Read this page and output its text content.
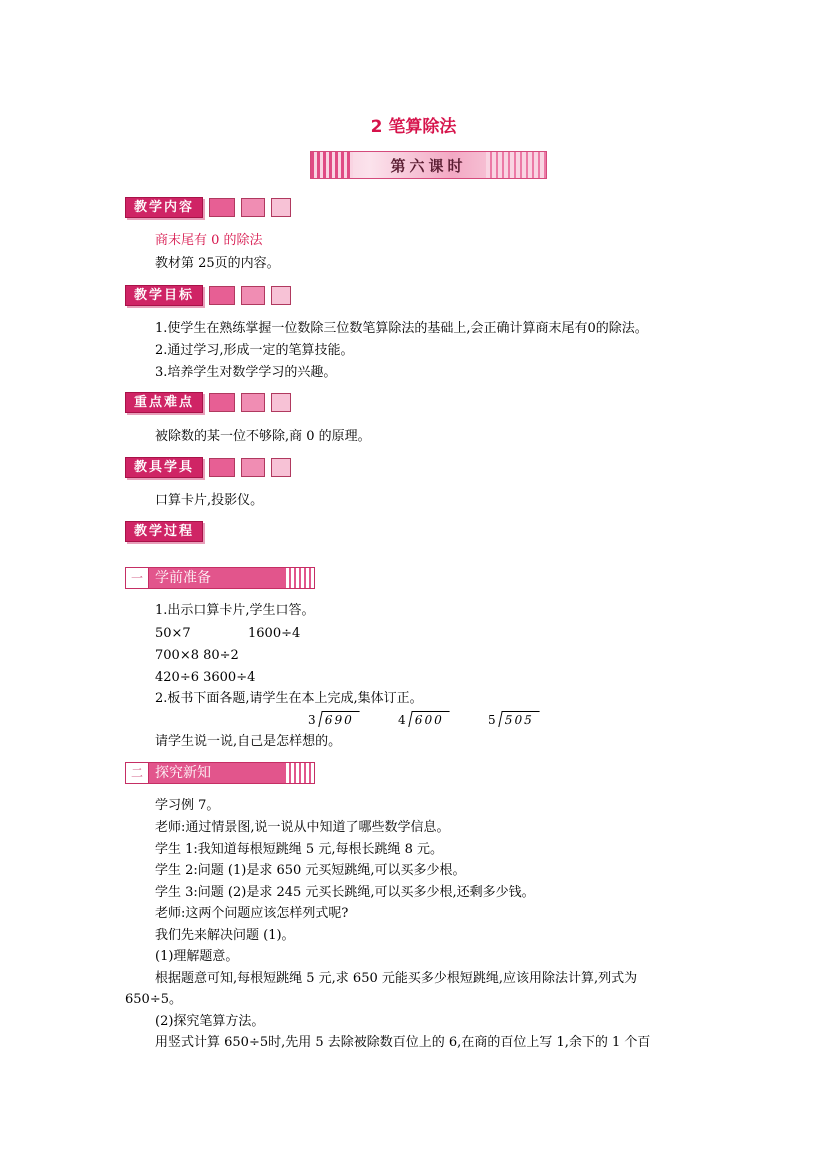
2 笔算除法
第六课时
教学内容
商末尾有 0 的除法
教材第 25页的内容。
教学目标
1.使学生在熟练掌握一位数除三位数笔算除法的基础上,会正确计算商末尾有0的除法。
2.通过学习,形成一定的笔算技能。
3.培养学生对数学学习的兴趣。
重点难点
被除数的某一位不够除,商 0 的原理。
教具学具
口算卡片,投影仪。
教学过程
一 学前准备
1.出示口算卡片,学生口答。
50×7	1600÷4
700×8 80÷2
420÷6 3600÷4
2.板书下面各题,请学生在本上完成,集体订正。
3 690	4 600	5 505
请学生说一说,自己是怎样想的。
二 探究新知
学习例 7。
老师:通过情景图,说一说从中知道了哪些数学信息。
学生 1:我知道每根短跳绳 5 元,每根长跳绳 8 元。
学生 2:问题 (1)是求 650 元买短跳绳,可以买多少根。
学生 3:问题 (2)是求 245 元买长跳绳,可以买多少根,还剩多少钱。
老师:这两个问题应该怎样列式呢?
我们先来解决问题 (1)。
(1)理解题意。
根据题意可知,每根短跳绳 5 元,求 650 元能买多少根短跳绳,应该用除法计算,列式为
650÷5。
(2)探究笔算方法。
用竖式计算 650÷5时,先用 5 去除被除数百位上的 6,在商的百位上写 1,余下的 1 个百
